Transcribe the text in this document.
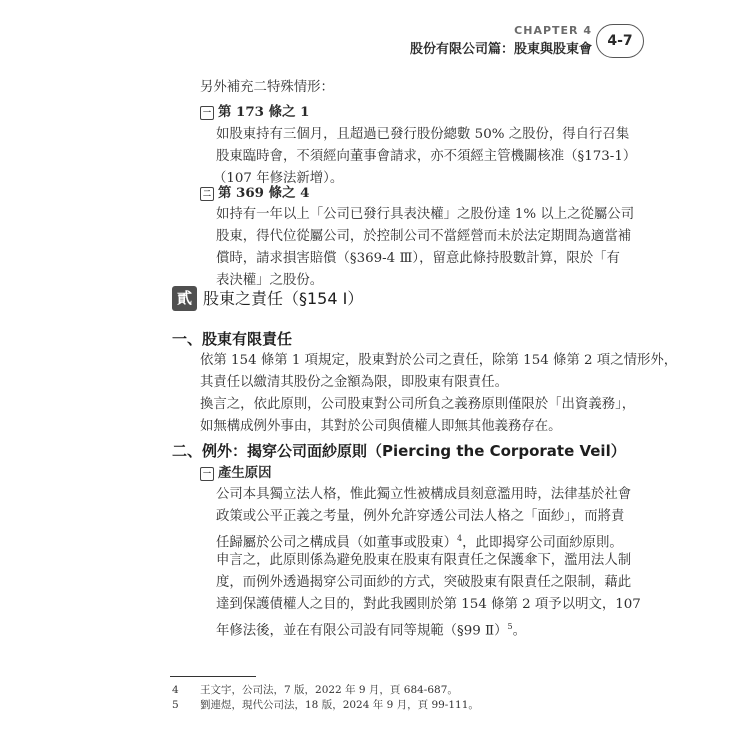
CHAPTER 4
股份有限公司篇：股東與股東會
4-7
另外補充二特殊情形：
一 第 173 條之 1
如股東持有三個月，且超過已發行股份總數 50% 之股份，得自行召集
股東臨時會，不須經向董事會請求，亦不須經主管機關核准（§173-1）
（107 年修法新增）。
二 第 369 條之 4
如持有一年以上「公司已發行具表決權」之股份達 1% 以上之從屬公司
股東，得代位從屬公司，於控制公司不當經營而未於法定期間為適當補
償時，請求損害賠償（§369-4 Ⅲ），留意此條持股數計算，限於「有
表決權」之股份。
貳 股東之責任（§154 Ⅰ）
一、股東有限責任
依第 154 條第 1 項規定，股東對於公司之責任，除第 154 條第 2 項之情形外，
其責任以繳清其股份之金額為限，即股東有限責任。
換言之，依此原則，公司股東對公司所負之義務原則僅限於「出資義務」，
如無構成例外事由，其對於公司與債權人即無其他義務存在。
二、例外：揭穿公司面紗原則（Piercing the Corporate Veil）
一 產生原因
公司本具獨立法人格，惟此獨立性被構成員刻意濫用時，法律基於社會
政策或公平正義之考量，例外允許穿透公司法人格之「面紗」，而將責
任歸屬於公司之構成員（如董事或股東）$^4$，此即揭穿公司面紗原則。
申言之，此原則係為避免股東在股東有限責任之保護傘下，濫用法人制
度，而例外透過揭穿公司面紗的方式，突破股東有限責任之限制，藉此
達到保護債權人之目的，對此我國則於第 154 條第 2 項予以明文，107
年修法後，並在有限公司設有同等規範（§99 Ⅱ）$^5$。
4 王文宇，公司法，7 版，2022 年 9 月，頁 684-687。
5 劉連煜，現代公司法，18 版，2024 年 9 月，頁 99-111。
